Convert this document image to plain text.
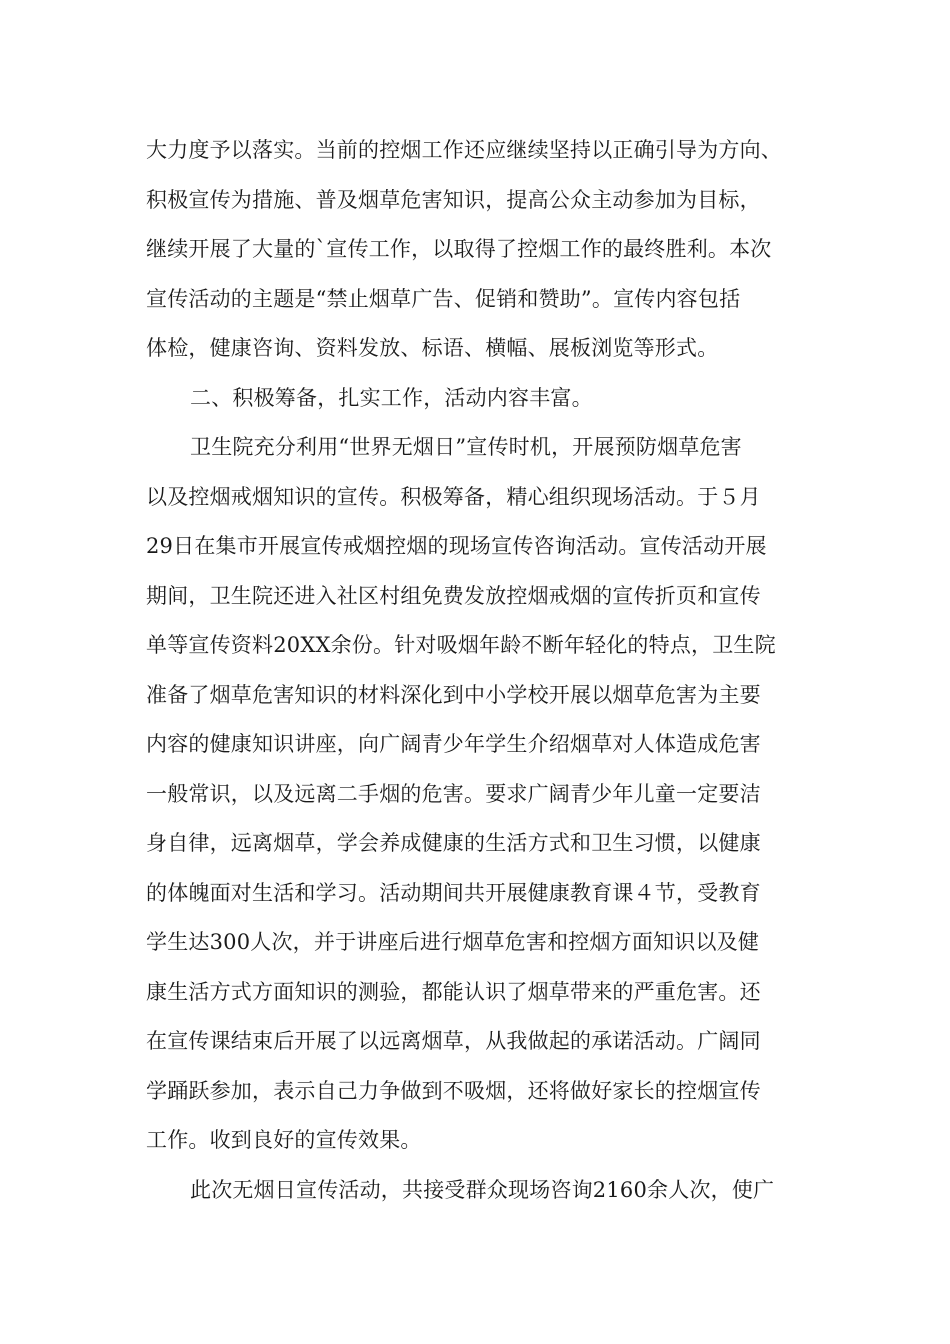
大力度予以落实。当前的控烟工作还应继续坚持以正确引导为方向、
积极宣传为措施、普及烟草危害知识，提高公众主动参加为目标，
继续开展了大量的`宣传工作，以取得了控烟工作的最终胜利。本次
宣传活动的主题是“禁止烟草广告、促销和赞助”。宣传内容包括
体检，健康咨询、资料发放、标语、横幅、展板浏览等形式。
二、积极筹备，扎实工作，活动内容丰富。
卫生院充分利用“世界无烟日”宣传时机，开展预防烟草危害
以及控烟戒烟知识的宣传。积极筹备，精心组织现场活动。于５月
29日在集市开展宣传戒烟控烟的现场宣传咨询活动。宣传活动开展
期间，卫生院还进入社区村组免费发放控烟戒烟的宣传折页和宣传
单等宣传资料20XX余份。针对吸烟年龄不断年轻化的特点，卫生院
准备了烟草危害知识的材料深化到中小学校开展以烟草危害为主要
内容的健康知识讲座，向广阔青少年学生介绍烟草对人体造成危害
一般常识，以及远离二手烟的危害。要求广阔青少年儿童一定要洁
身自律，远离烟草，学会养成健康的生活方式和卫生习惯，以健康
的体魄面对生活和学习。活动期间共开展健康教育课４节，受教育
学生达300人次，并于讲座后进行烟草危害和控烟方面知识以及健
康生活方式方面知识的测验，都能认识了烟草带来的严重危害。还
在宣传课结束后开展了以远离烟草，从我做起的承诺活动。广阔同
学踊跃参加，表示自己力争做到不吸烟，还将做好家长的控烟宣传
工作。收到良好的宣传效果。
此次无烟日宣传活动，共接受群众现场咨询2160余人次，使广
